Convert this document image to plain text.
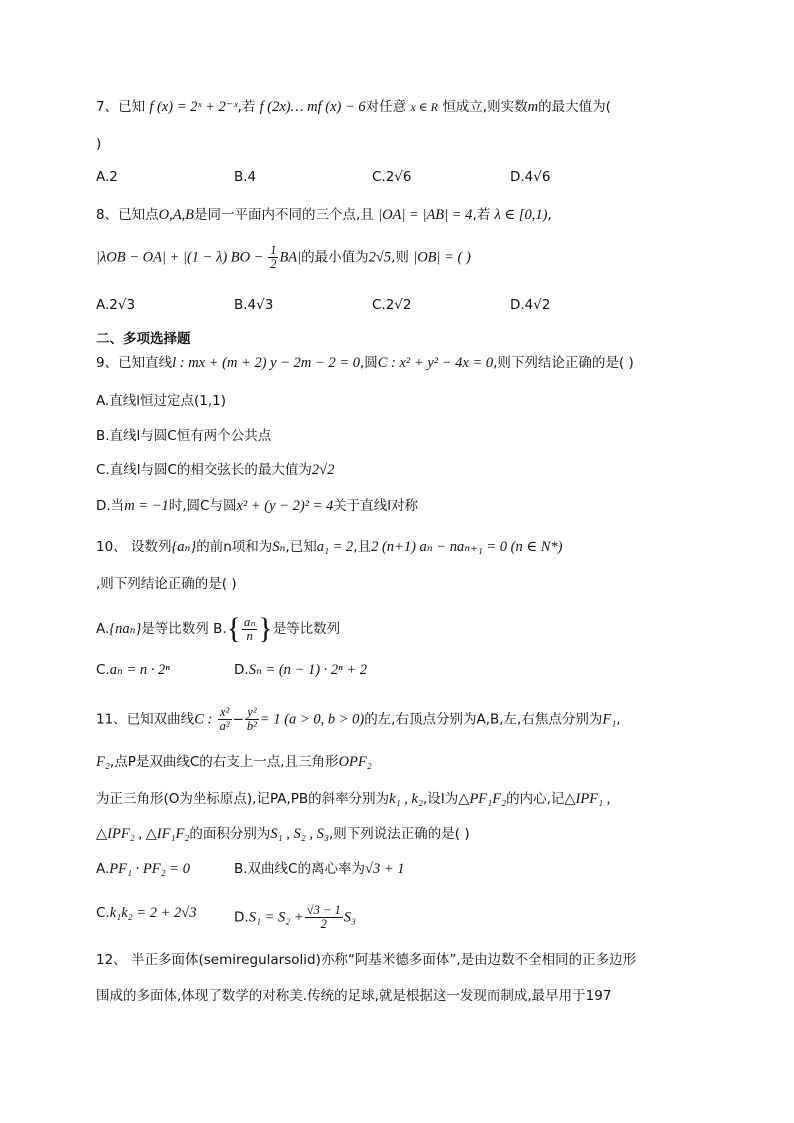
7、已知 f (x) = 2ˣ + 2⁻ˣ,若 f (2x)… mf (x) − 6对任意 x ∈ R 恒成立,则实数m的最大值为(
)
A.2	B.4	C.2√6	D.4√6
8、已知点O,A,B是同一平面内不同的三个点,且 |OA| = |AB| = 4,若 λ ∈ [0,1),
|λOB − OA| + |(1 − λ) BO − $\frac{1}{2} BA|$的最小值为2√5,则 |OB| = ( )
A.2√3	B.4√3	C.2√2	D.4√2
二、多项选择题
9、已知直线l : mx + (m + 2) y − 2m − 2 = 0,圆C : x² + y² − 4x = 0,则下列结论正确的是( )
A.直线l恒过定点(1,1)
B.直线l与圆C恒有两个公共点
C.直线l与圆C的相交弦长的最大值为2√2
D.当m = −1时,圆C与圆x² + (y − 2)² = 4关于直线l对称
10、 设数列{aₙ}的前n项和为Sₙ,已知a₁ = 2,且2 (n+1) aₙ − naₙ₊₁ = 0 (n ∈ N*)
,则下列结论正确的是( )
A.{naₙ}是等比数列 $B.\{ \frac{\text{aₙ}}{n}$ }是等比数列
C.aₙ = n · 2ⁿ	D.Sₙ = (n − 1) · 2ⁿ + 2
11、已知双曲线C : $\frac{\text{x²}}{\text{a²}} - \frac{\text{y²}}{\text{b²}} = 1$ (a > 0, b > 0)的左,右顶点分别为A,B,左,右焦点分别为F₁,
F₂,点P是双曲线C的右支上一点,且三角形OPF₂
为正三角形(O为坐标原点),记PA,PB的斜率分别为k₁ , k₂,设I为△PF₁F₂的内心,记△IPF₁ ,
△IPF₂ , △IF₁F₂的面积分别为S₁ , S₂ , S₃,则下列说法正确的是( )
A.PF₁ · PF₂ = 0	B.双曲线C的离心率为√3 + 1
C.k₁k₂ = 2 + 2√3	$D.S_1 = S_2 + \frac{√3 - 1}{2} S_3$
12、 半正多面体(semiregularsolid)亦称“阿基米德多面体”,是由边数不全相同的正多边形
围成的多面体,体现了数学的对称美.传统的足球,就是根据这一发现而制成,最早用于197
